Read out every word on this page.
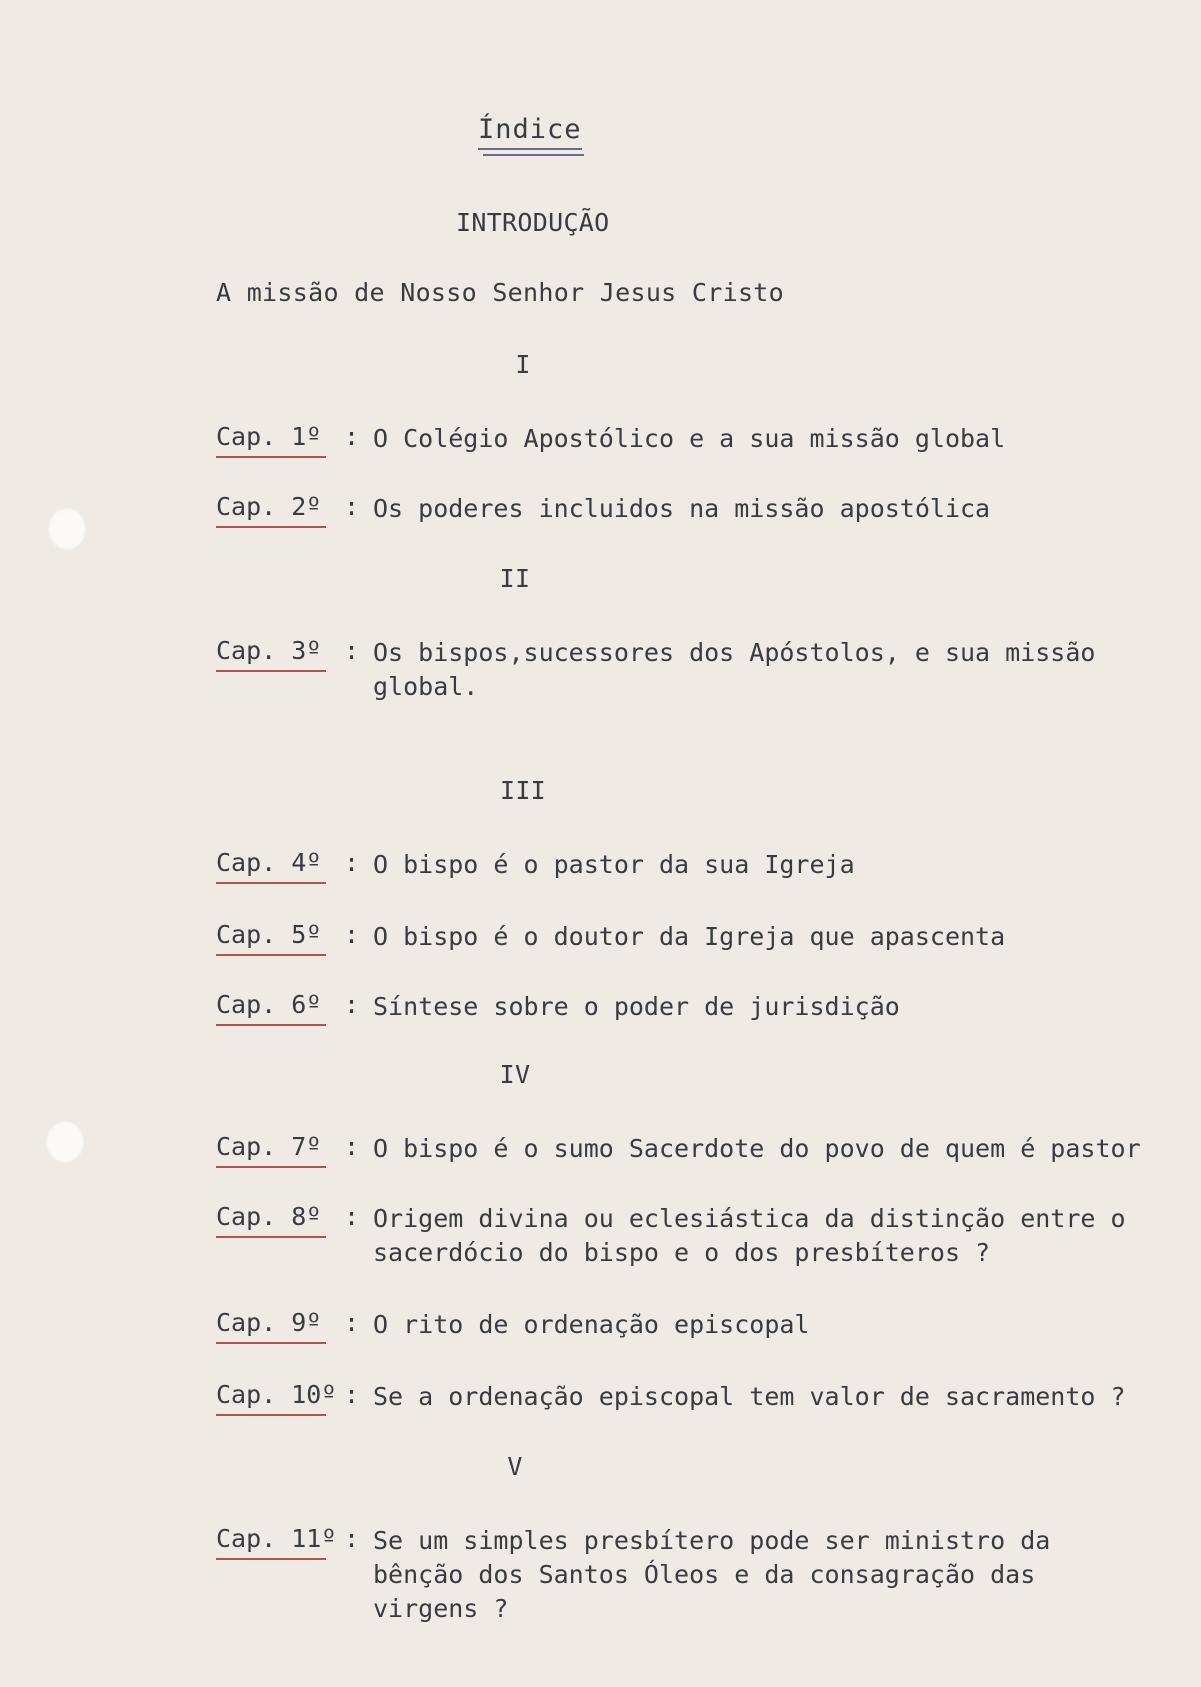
Índice
INTRODUÇÃO
A missão de Nosso Senhor Jesus Cristo
I
Cap. 1º : O Colégio Apostólico e a sua missão global
Cap. 2º : Os poderes incluidos na missão apostólica
II
Cap. 3º : Os bispos,sucessores dos Apóstolos, e sua missão global.
III
Cap. 4º : O bispo é o pastor da sua Igreja
Cap. 5º : O bispo é o doutor da Igreja que apascenta
Cap. 6º : Síntese sobre o poder de jurisdição
IV
Cap. 7º : O bispo é o sumo Sacerdote do povo de quem é pastor
Cap. 8º : Origem divina ou eclesiástica da distinção entre o sacerdócio do bispo e o dos presbíteros ?
Cap. 9º : O rito de ordenação episcopal
Cap. 10º : Se a ordenação episcopal tem valor de sacramento ?
V
Cap. 11º : Se um simples presbítero pode ser ministro da bênção dos Santos Óleos e da consagração das virgens ?
